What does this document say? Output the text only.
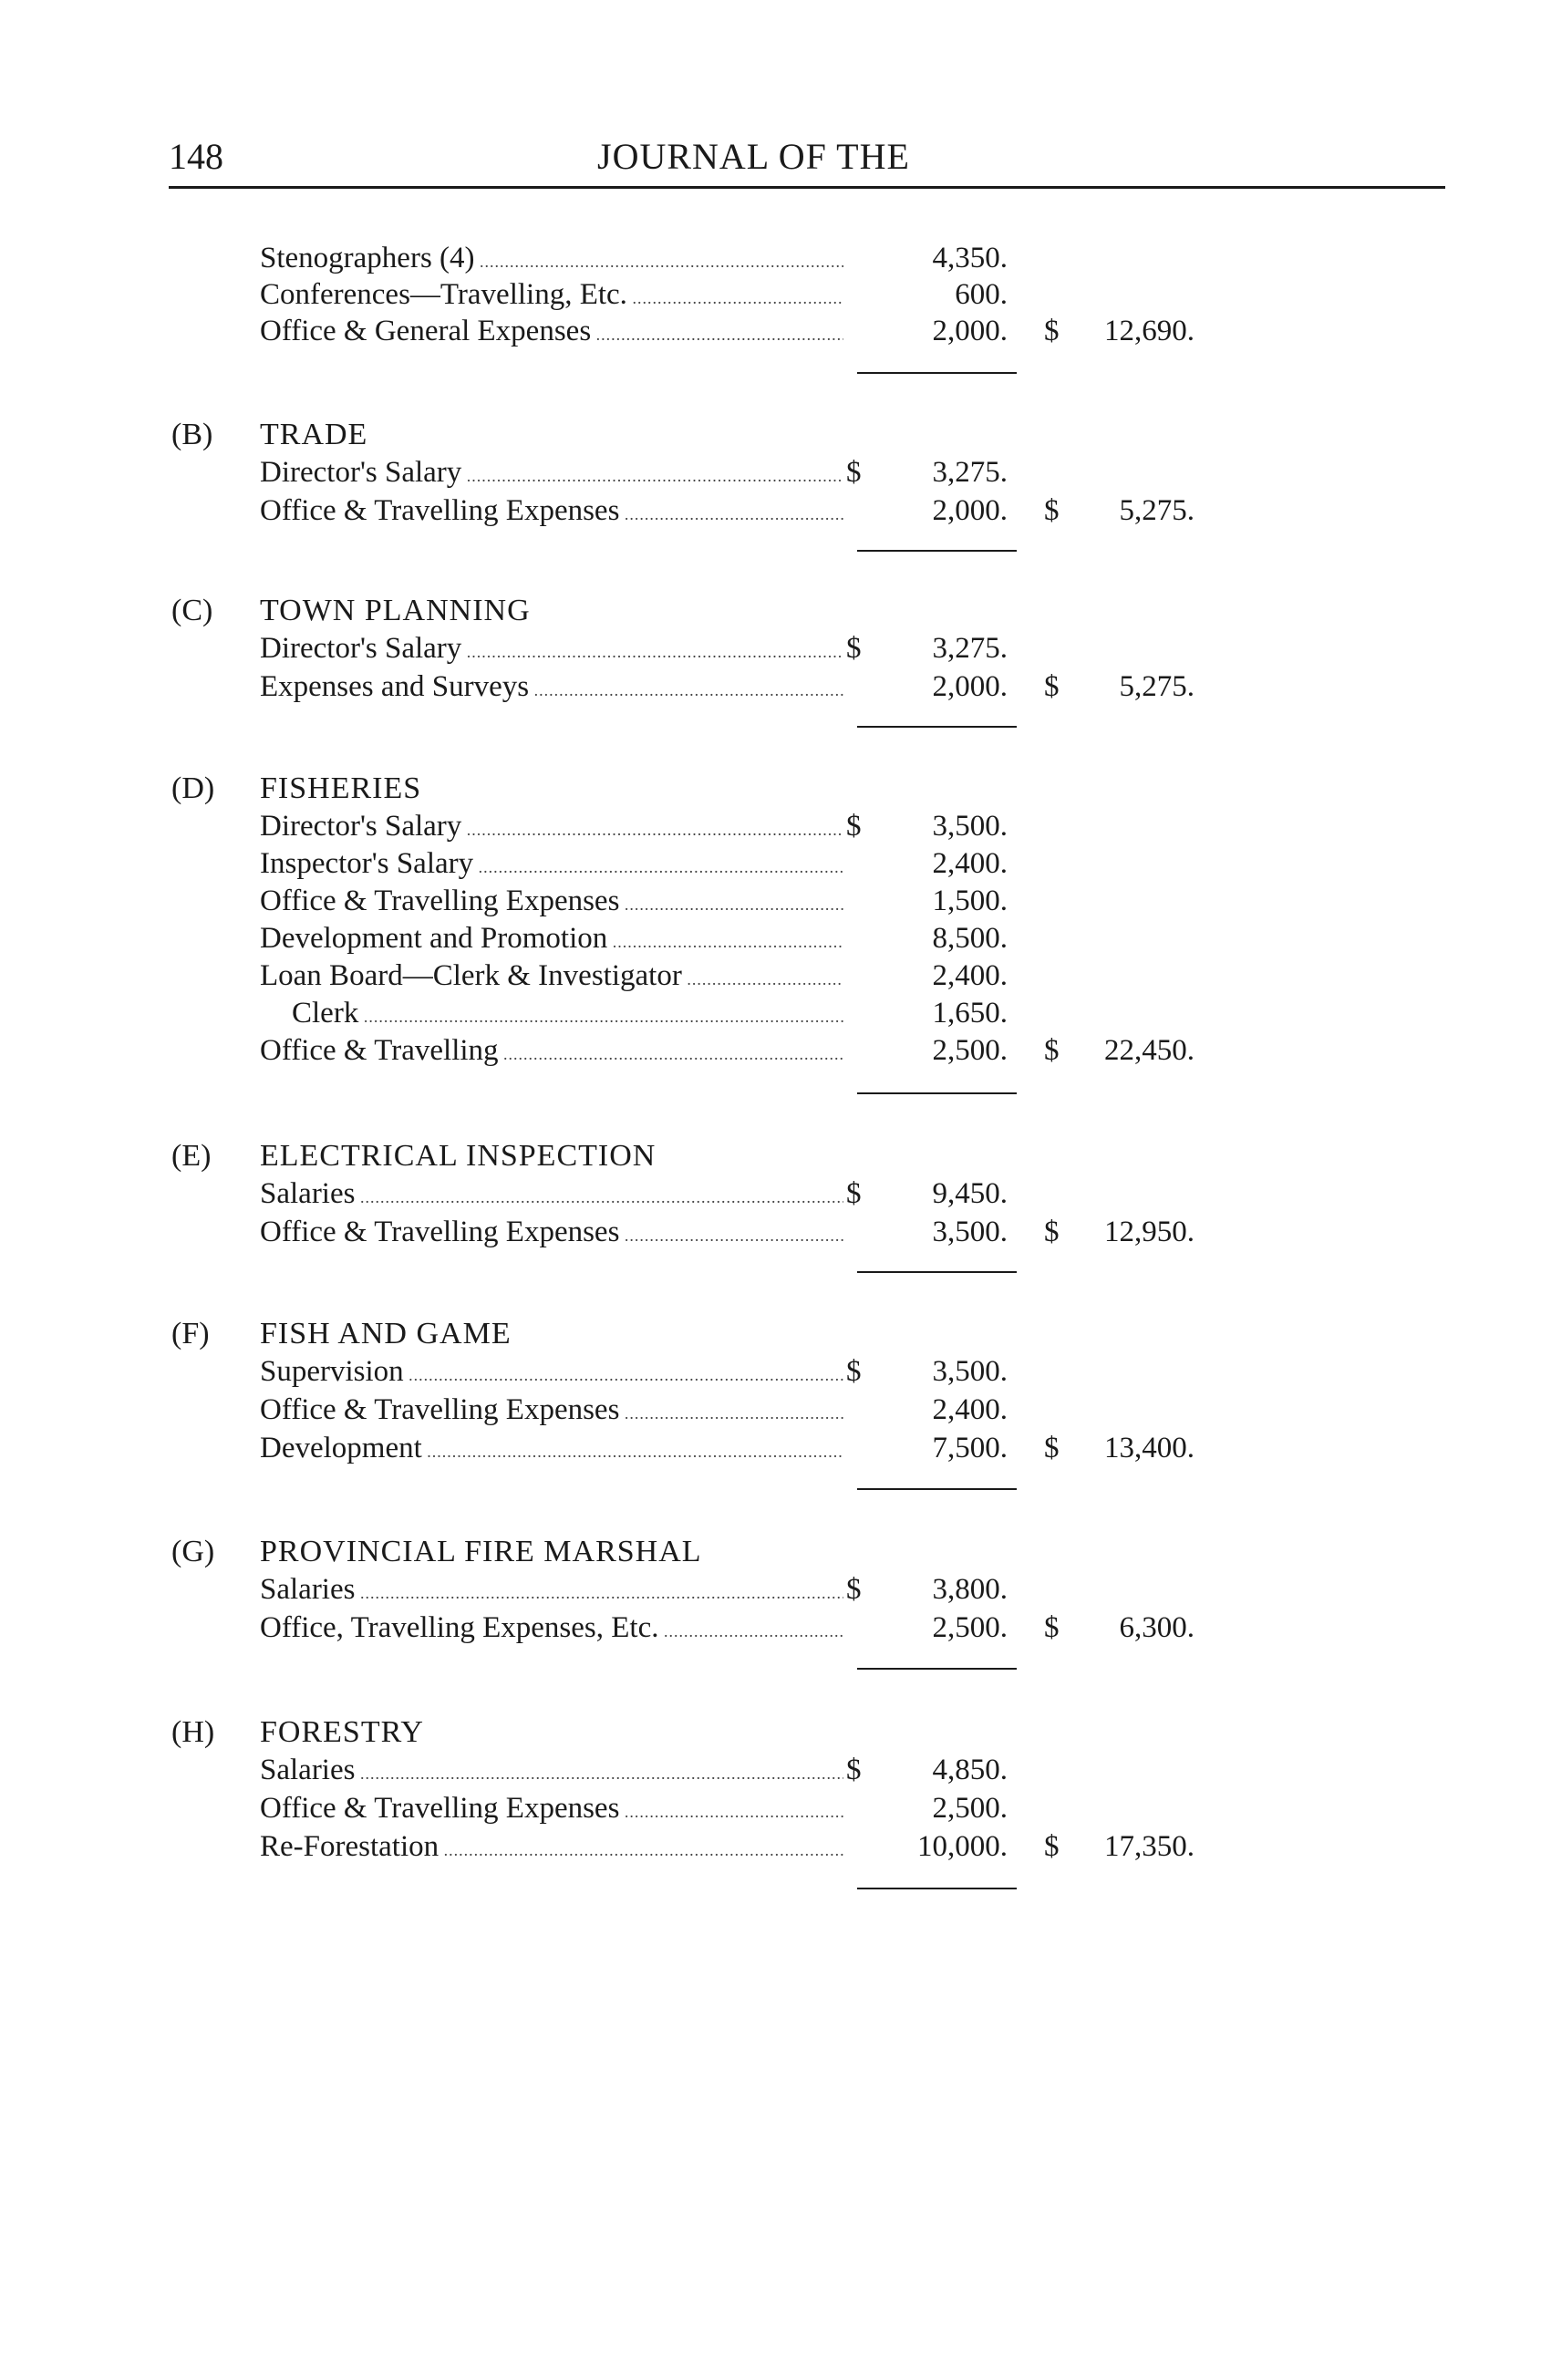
148	JOURNAL OF THE
Stenographers (4) .....	4,350.
Conferences—Travelling, Etc. .....	600.
Office & General Expenses .....	2,000. $	12,690.
(B) TRADE
Director's Salary .....	$	3,275.
Office & Travelling Expenses .....	2,000. $	5,275.
(C) TOWN PLANNING
Director's Salary .....	$	3,275.
Expenses and Surveys .....	2,000. $	5,275.
(D) FISHERIES
Director's Salary .....	$	3,500.
Inspector's Salary .....	2,400.
Office & Travelling Expenses .....	1,500.
Development and Promotion .....	8,500.
Loan Board—Clerk & Investigator .....	2,400.
Clerk .....	1,650.
Office & Travelling .....	2,500. $	22,450.
(E) ELECTRICAL INSPECTION
Salaries .....	$	9,450.
Office & Travelling Expenses .....	3,500. $	12,950.
(F) FISH AND GAME
Supervision .....	$	3,500.
Office & Travelling Expenses .....	2,400.
Development .....	7,500. $	13,400.
(G) PROVINCIAL FIRE MARSHAL
Salaries .....	$	3,800.
Office, Travelling Expenses, Etc. .....	2,500. $	6,300.
(H) FORESTRY
Salaries .....	$	4,850.
Office & Travelling Expenses .....	2,500.
Re-Forestation .....	10,000. $	17,350.
